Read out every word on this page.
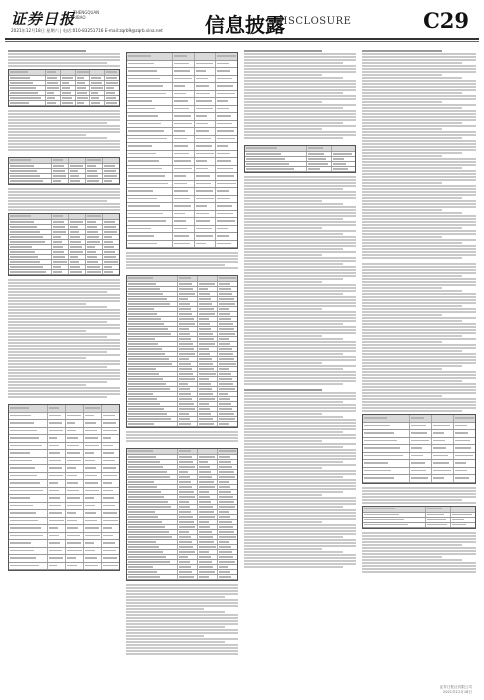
证券日报
ZHENGQUAN
RIBAO
2021年12月18日 星期六 | 电话:010-83251716 E-mail:zqrb9@zqrb.sina.net 信息披露
DISCLOSURE	C29
证券日报社有限公司
2021年12月18日
